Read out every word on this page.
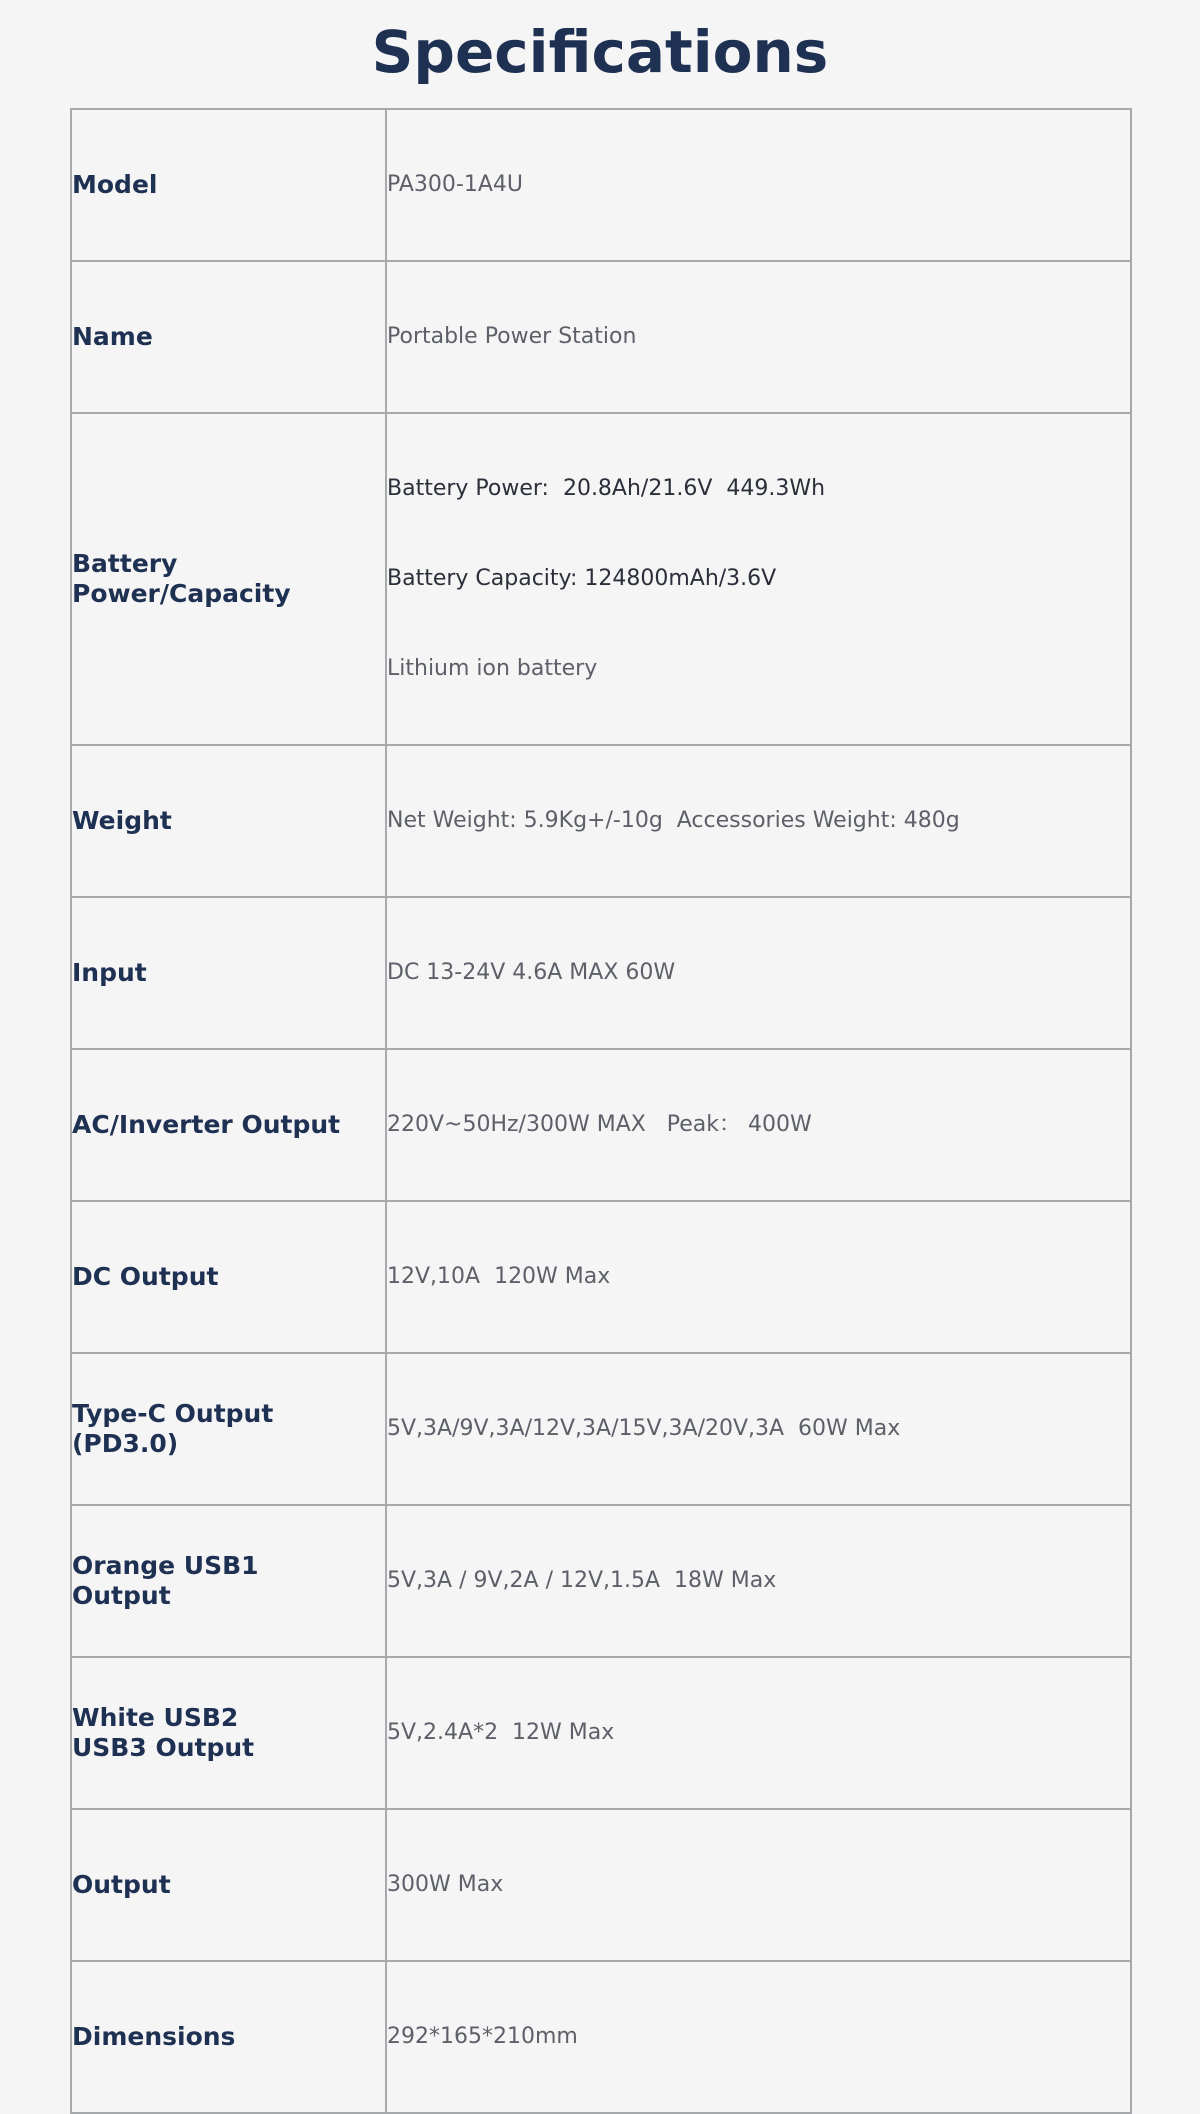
Specifications
Model	PA300-1A4U

Name	Portable Power Station

Battery
Power/Capacity	Battery Power:  20.8Ah/21.6V  449.3Wh

Battery Capacity: 124800mAh/3.6V

Lithium ion battery

Weight	Net Weight: 5.9Kg+/-10g  Accessories Weight: 480g

Input	DC 13-24V 4.6A MAX 60W

AC/Inverter Output	220V~50Hz/300W MAX   Peak： 400W

DC Output	12V,10A  120W Max

Type-C Output
(PD3.0)	5V,3A/9V,3A/12V,3A/15V,3A/20V,3A  60W Max

Orange USB1
Output	5V,3A / 9V,2A / 12V,1.5A  18W Max

White USB2
USB3 Output	5V,2.4A*2  12W Max

Output	300W Max

Dimensions	292*165*210mm
